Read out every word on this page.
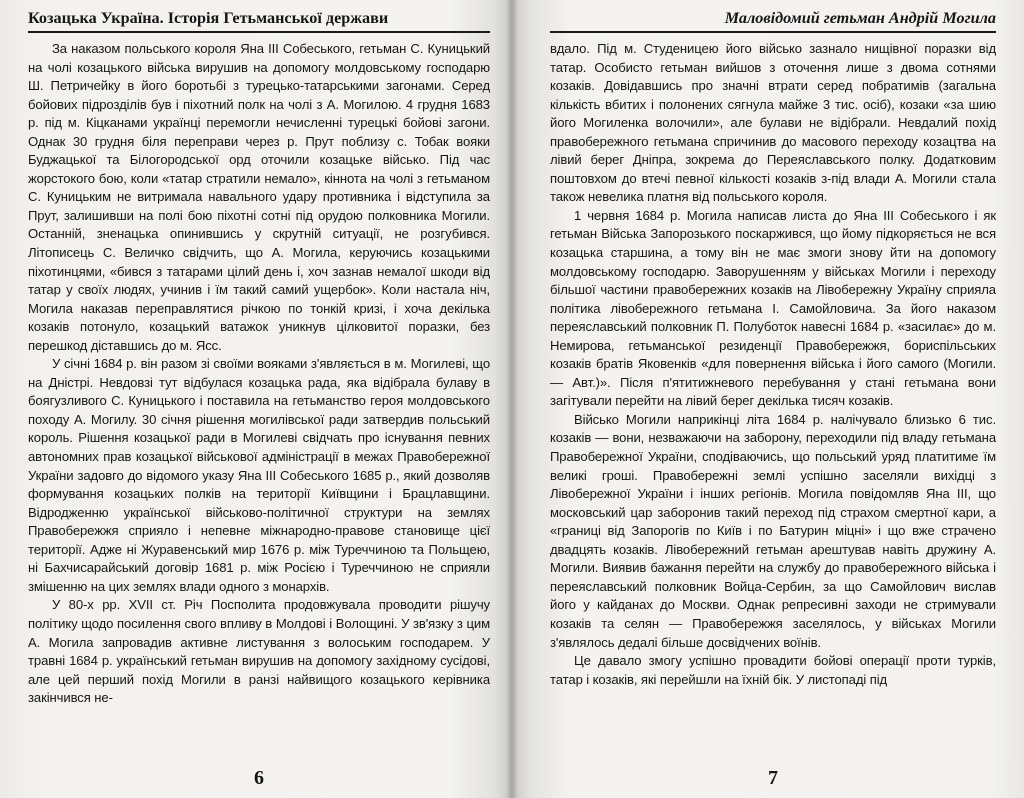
Козацька Україна. Історія Гетьманської держави

За наказом польського короля Яна ІІІ Собеського, гетьман С. Куницький на чолі козацького війська вирушив на допомогу молдовському господарю Ш. Петричейку в його боротьбі з турецько-татарськими загонами. Серед бойових підрозділів був і піхотний полк на чолі з А. Могилою. 4 грудня 1683 р. під м. Кіцканами українці перемогли нечисленні турецькі бойові загони. Однак 30 грудня біля переправи через р. Прут поблизу с. Тобак вояки Буджацької та Білогородської орд оточили козацьке військо. Під час жорстокого бою, коли «татар стратили немало», кіннота на чолі з гетьманом С. Куницьким не витримала навального удару противника і відступила за Прут, залишивши на полі бою піхотні сотні під орудою полковника Могили. Останній, зненацька опинившись у скрутній ситуації, не розгубився. Літописець С. Величко свідчить, що А. Могила, керуючись козацькими піхотинцями, «бився з татарами цілий день і, хоч зазнав немалої шкоди від татар у своїх людях, учинив і їм такий самий ущербок». Коли настала ніч, Могила наказав переправлятися річкою по тонкій кризі, і хоча декілька козаків потонуло, козацький ватажок уникнув цілковитої поразки, без перешкод діставшись до м. Ясс.

У січні 1684 р. він разом зі своїми вояками з'являється в м. Могилеві, що на Дністрі. Невдовзі тут відбулася козацька рада, яка відібрала булаву в боягузливого С. Куницького і поставила на гетьманство героя молдовського походу А. Могилу. 30 січня рішення могилівської ради затвердив польський король. Рішення козацької ради в Могилеві свідчать про існування певних автономних прав козацької військової адміністрації в межах Правобережної України задовго до відомого указу Яна ІІІ Собеського 1685 р., який дозволяв формування козацьких полків на території Київщини і Брацлавщини. Відродженню української військово-політичної структури на землях Правобережжя сприяло і непевне міжнародно-правове становище цієї території. Адже ні Журавенський мир 1676 р. між Туреччиною та Польщею, ні Бахчисарайський договір 1681 р. між Росією і Туреччиною не сприяли змішенню на цих землях влади одного з монархів.

У 80-х рр. XVII ст. Річ Посполита продовжувала проводити рішучу політику щодо посилення свого впливу в Молдові і Волощині. У зв'язку з цим А. Могила запровадив активне листування з волоським господарем. У травні 1684 р. український гетьман вирушив на допомогу західному сусідові, але цей перший похід Могили в ранзі найвищого козацького керівника закінчився не-

6
Маловідомий гетьман Андрій Могила

вдало. Під м. Студеницею його військо зазнало нищівної поразки від татар. Особисто гетьман вийшов з оточення лише з двома сотнями козаків. Довідавшись про значні втрати серед побратимів (загальна кількість вбитих і полонених сягнула майже 3 тис. осіб), козаки «за шию його Могиленка волочили», але булави не відібрали. Невдалий похід правобережного гетьмана спричинив до масового переходу козацтва на лівий берег Дніпра, зокрема до Переяславського полку. Додатковим поштовхом до втечі певної кількості козаків з-під влади А. Могили стала також невелика платня від польського короля.

1 червня 1684 р. Могила написав листа до Яна ІІІ Собеського і як гетьман Війська Запорозького поскаржився, що йому підкоряється не вся козацька старшина, а тому він не має змоги знову йти на допомогу молдовському господарю. Заворушенням у військах Могили і переходу більшої частини правобережних козаків на Лівобережну Україну сприяла політика лівобережного гетьмана І. Самойловича. За його наказом переяславський полковник П. Полуботок навесні 1684 р. «засилає» до м. Немирова, гетьманської резиденції Правобережжя, бориспільських козаків братів Яковенків «для повернення війська і його самого (Могили. — Авт.)». Після п'ятитижневого перебування у стані гетьмана вони загітували перейти на лівий берег декілька тисяч козаків.

Військо Могили наприкінці літа 1684 р. налічувало близько 6 тис. козаків — вони, незважаючи на заборону, переходили під владу гетьмана Правобережної України, сподіваючись, що польський уряд платитиме їм великі гроші. Правобережні землі успішно заселяли вихідці з Лівобережної України і інших регіонів. Могила повідомляв Яна ІІІ, що московський цар заборонив такий переход під страхом смертної кари, а «границі від Запорогів по Київ і по Батурин міцні» і що вже страчено двадцять козаків. Лівобережний гетьман арештував навіть дружину А. Могили. Виявив бажання перейти на службу до правобережного війська і переяславський полковник Войца-Сербин, за що Самойлович вислав його у кайданах до Москви. Однак репресивні заходи не стримували козаків та селян — Правобережжя заселялось, у військах Могили з'являлось дедалі більше досвідчених воїнів.

Це давало змогу успішно провадити бойові операції проти турків, татар і козаків, які перейшли на їхній бік. У листопаді під

7
